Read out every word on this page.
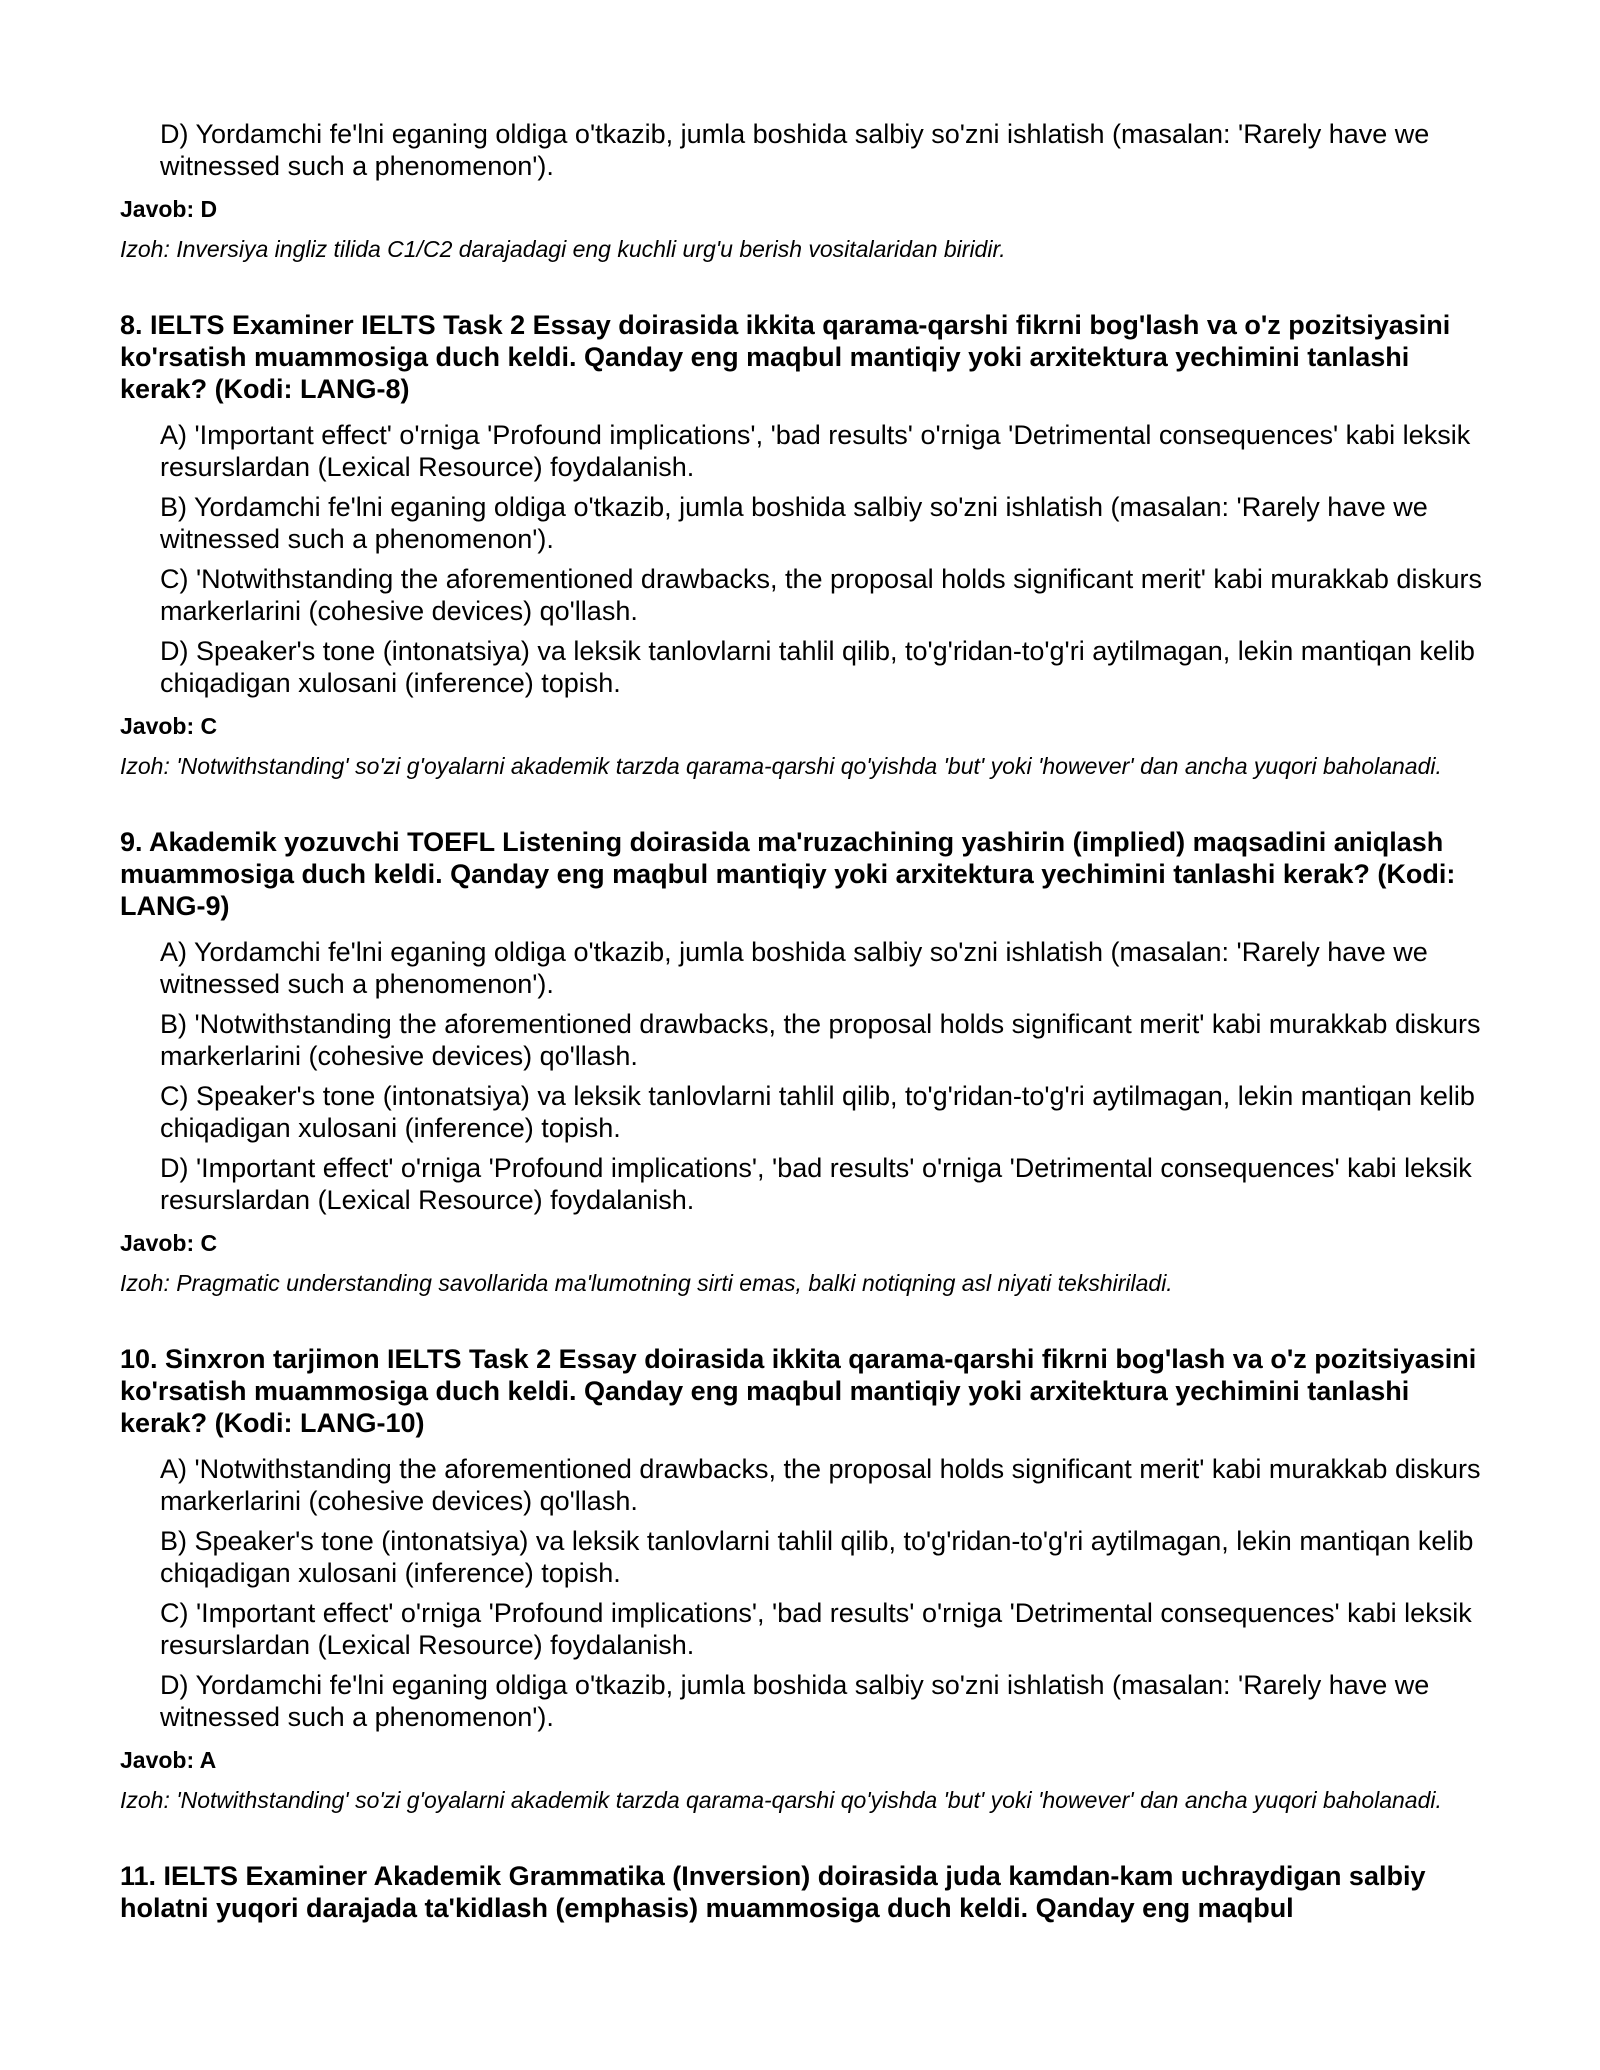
D) Yordamchi fe'lni eganing oldiga o'tkazib, jumla boshida salbiy so'zni ishlatish (masalan: 'Rarely have we witnessed such a phenomenon').
Javob: D
Izoh: Inversiya ingliz tilida C1/C2 darajadagi eng kuchli urg'u berish vositalaridan biridir.
8. IELTS Examiner IELTS Task 2 Essay doirasida ikkita qarama-qarshi fikrni bog'lash va o'z pozitsiyasini ko'rsatish muammosiga duch keldi. Qanday eng maqbul mantiqiy yoki arxitektura yechimini tanlashi kerak? (Kodi: LANG-8)
A) 'Important effect' o'rniga 'Profound implications', 'bad results' o'rniga 'Detrimental consequences' kabi leksik resurslardan (Lexical Resource) foydalanish.
B) Yordamchi fe'lni eganing oldiga o'tkazib, jumla boshida salbiy so'zni ishlatish (masalan: 'Rarely have we witnessed such a phenomenon').
C) 'Notwithstanding the aforementioned drawbacks, the proposal holds significant merit' kabi murakkab diskurs markerlarini (cohesive devices) qo'llash.
D) Speaker's tone (intonatsiya) va leksik tanlovlarni tahlil qilib, to'g'ridan-to'g'ri aytilmagan, lekin mantiqan kelib chiqadigan xulosani (inference) topish.
Javob: C
Izoh: 'Notwithstanding' so'zi g'oyalarni akademik tarzda qarama-qarshi qo'yishda 'but' yoki 'however' dan ancha yuqori baholanadi.
9. Akademik yozuvchi TOEFL Listening doirasida ma'ruzachining yashirin (implied) maqsadini aniqlash muammosiga duch keldi. Qanday eng maqbul mantiqiy yoki arxitektura yechimini tanlashi kerak? (Kodi: LANG-9)
A) Yordamchi fe'lni eganing oldiga o'tkazib, jumla boshida salbiy so'zni ishlatish (masalan: 'Rarely have we witnessed such a phenomenon').
B) 'Notwithstanding the aforementioned drawbacks, the proposal holds significant merit' kabi murakkab diskurs markerlarini (cohesive devices) qo'llash.
C) Speaker's tone (intonatsiya) va leksik tanlovlarni tahlil qilib, to'g'ridan-to'g'ri aytilmagan, lekin mantiqan kelib chiqadigan xulosani (inference) topish.
D) 'Important effect' o'rniga 'Profound implications', 'bad results' o'rniga 'Detrimental consequences' kabi leksik resurslardan (Lexical Resource) foydalanish.
Javob: C
Izoh: Pragmatic understanding savollarida ma'lumotning sirti emas, balki notiqning asl niyati tekshiriladi.
10. Sinxron tarjimon IELTS Task 2 Essay doirasida ikkita qarama-qarshi fikrni bog'lash va o'z pozitsiyasini ko'rsatish muammosiga duch keldi. Qanday eng maqbul mantiqiy yoki arxitektura yechimini tanlashi kerak? (Kodi: LANG-10)
A) 'Notwithstanding the aforementioned drawbacks, the proposal holds significant merit' kabi murakkab diskurs markerlarini (cohesive devices) qo'llash.
B) Speaker's tone (intonatsiya) va leksik tanlovlarni tahlil qilib, to'g'ridan-to'g'ri aytilmagan, lekin mantiqan kelib chiqadigan xulosani (inference) topish.
C) 'Important effect' o'rniga 'Profound implications', 'bad results' o'rniga 'Detrimental consequences' kabi leksik resurslardan (Lexical Resource) foydalanish.
D) Yordamchi fe'lni eganing oldiga o'tkazib, jumla boshida salbiy so'zni ishlatish (masalan: 'Rarely have we witnessed such a phenomenon').
Javob: A
Izoh: 'Notwithstanding' so'zi g'oyalarni akademik tarzda qarama-qarshi qo'yishda 'but' yoki 'however' dan ancha yuqori baholanadi.
11. IELTS Examiner Akademik Grammatika (Inversion) doirasida juda kamdan-kam uchraydigan salbiy holatni yuqori darajada ta'kidlash (emphasis) muammosiga duch keldi. Qanday eng maqbul
